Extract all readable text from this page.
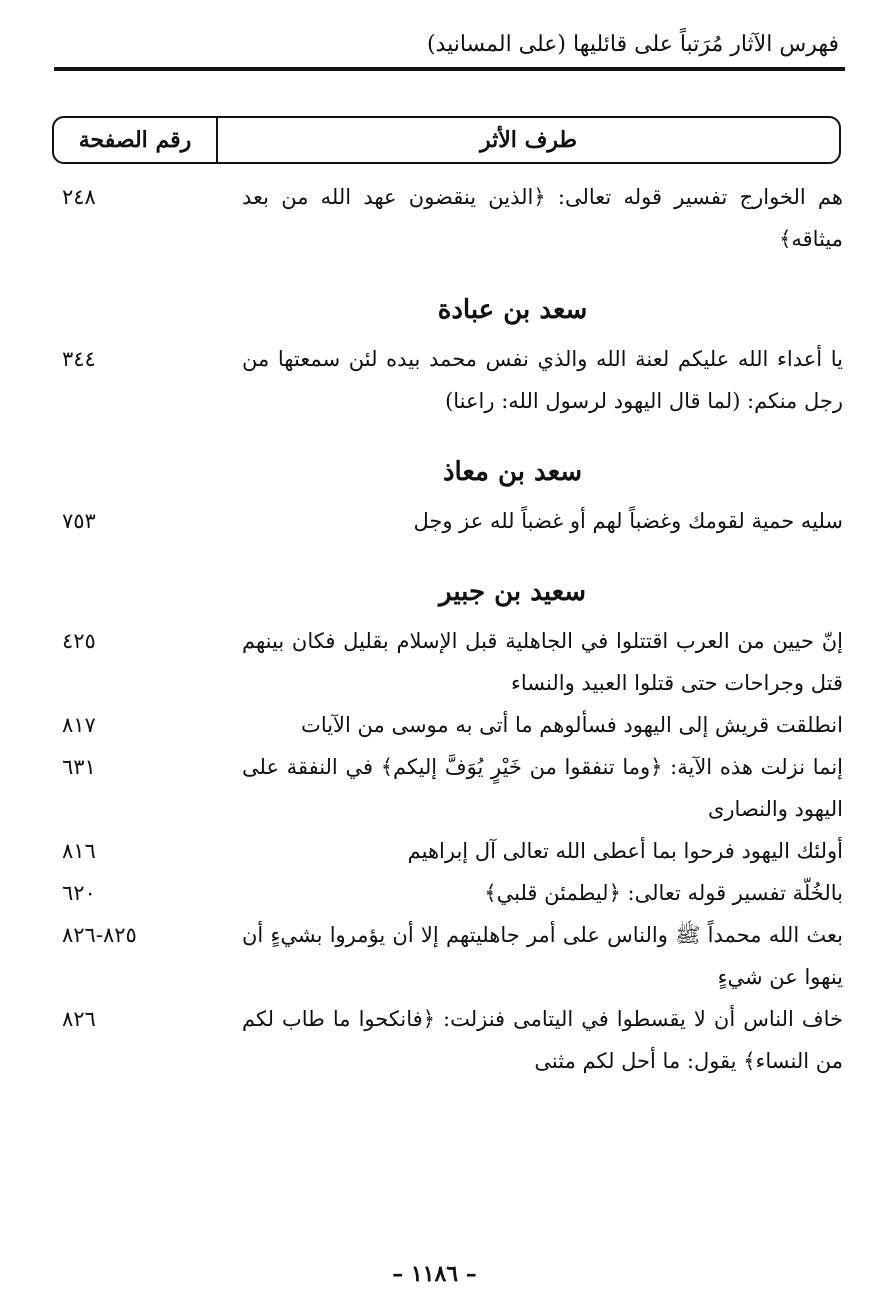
فهرس الآثار مُرَتباً على قائليها (على المسانيد)
طرف الأثر
رقم الصفحة
هم الخوارج تفسير قوله تعالى: ﴿الذين ينقضون عهد الله من بعد ميثاقه﴾
٢٤٨
سعد بن عبادة
يا أعداء الله عليكم لعنة الله والذي نفس محمد بيده لئن سمعتها من رجل منكم: (لما قال اليهود لرسول الله: راعنا)
٣٤٤
سعد بن معاذ
سليه حمية لقومك وغضباً لهم أو غضباً لله عز وجل
٧٥٣
سعيد بن جبير
إنّ حيين من العرب اقتتلوا في الجاهلية قبل الإسلام بقليل فكان بينهم قتل وجراحات حتى قتلوا العبيد والنساء
٤٢٥
انطلقت قريش إلى اليهود فسألوهم ما أتى به موسى من الآيات
٨١٧
إنما نزلت هذه الآية: ﴿وما تنفقوا من خَيْرٍ يُوَفَّ إليكم﴾ في النفقة على اليهود والنصارى
٦٣١
أولئك اليهود فرحوا بما أعطى الله تعالى آل إبراهيم
٨١٦
بالخُلّة تفسير قوله تعالى: ﴿ليطمئن قلبي﴾
٦٢٠
بعث الله محمداً ﷺ والناس على أمر جاهليتهم إلا أن يؤمروا بشيءٍ أن ينهوا عن شيءٍ
٨٢٥-٨٢٦
خاف الناس أن لا يقسطوا في اليتامى فنزلت: ﴿فانكحوا ما طاب لكم من النساء﴾ يقول: ما أحل لكم مثنى
٨٢٦
– ١١٨٦ –
